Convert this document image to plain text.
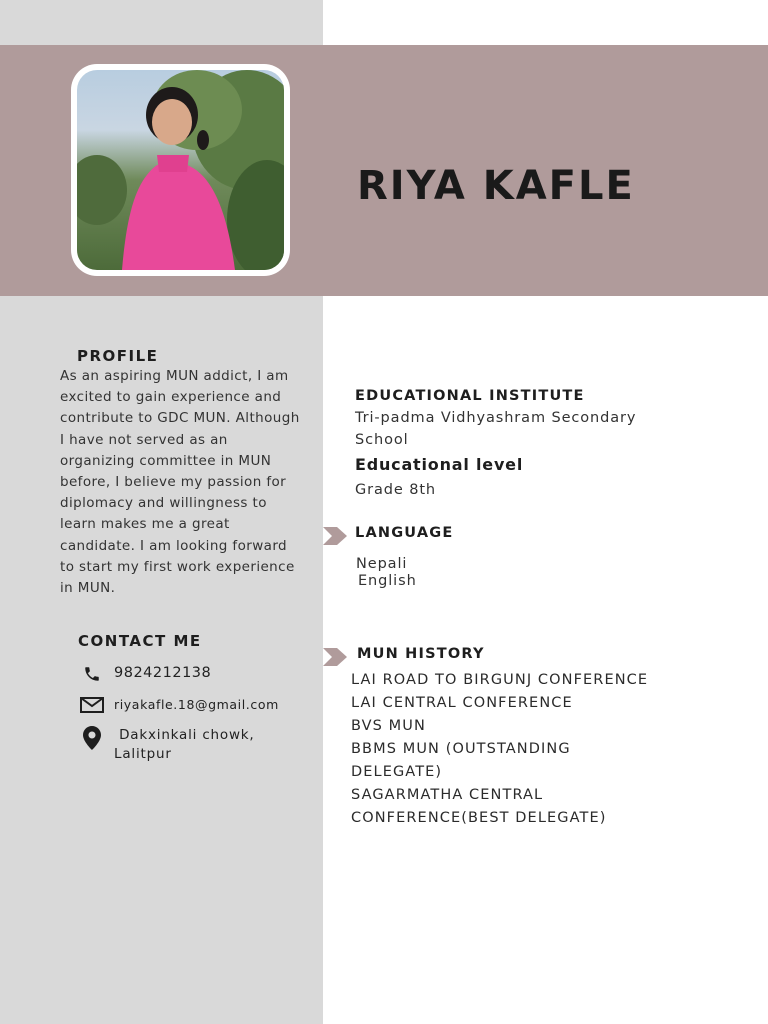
RIYA KAFLE
PROFILE

As an aspiring MUN addict, I am excited to gain experience and contribute to GDC MUN. Although I have not served as an organizing committee in MUN before, I believe my passion for diplomacy and willingness to learn makes me a great candidate. I am looking forward to start my first work experience in MUN.

CONTACT ME
9824212138
riyakafle.18@gmail.com
Dakxinkali chowk,
Lalitpur
EDUCATIONAL INSTITUTE

Tri-padma Vidhyashram Secondary

School

Educational level

Grade 8th

LANGUAGE

Nepali

English

MUN HISTORY
LAI ROAD TO BIRGUNJ CONFERENCE
LAI CENTRAL CONFERENCE
BVS MUN
BBMS MUN (OUTSTANDING
DELEGATE)
SAGARMATHA CENTRAL
CONFERENCE(BEST DELEGATE)
